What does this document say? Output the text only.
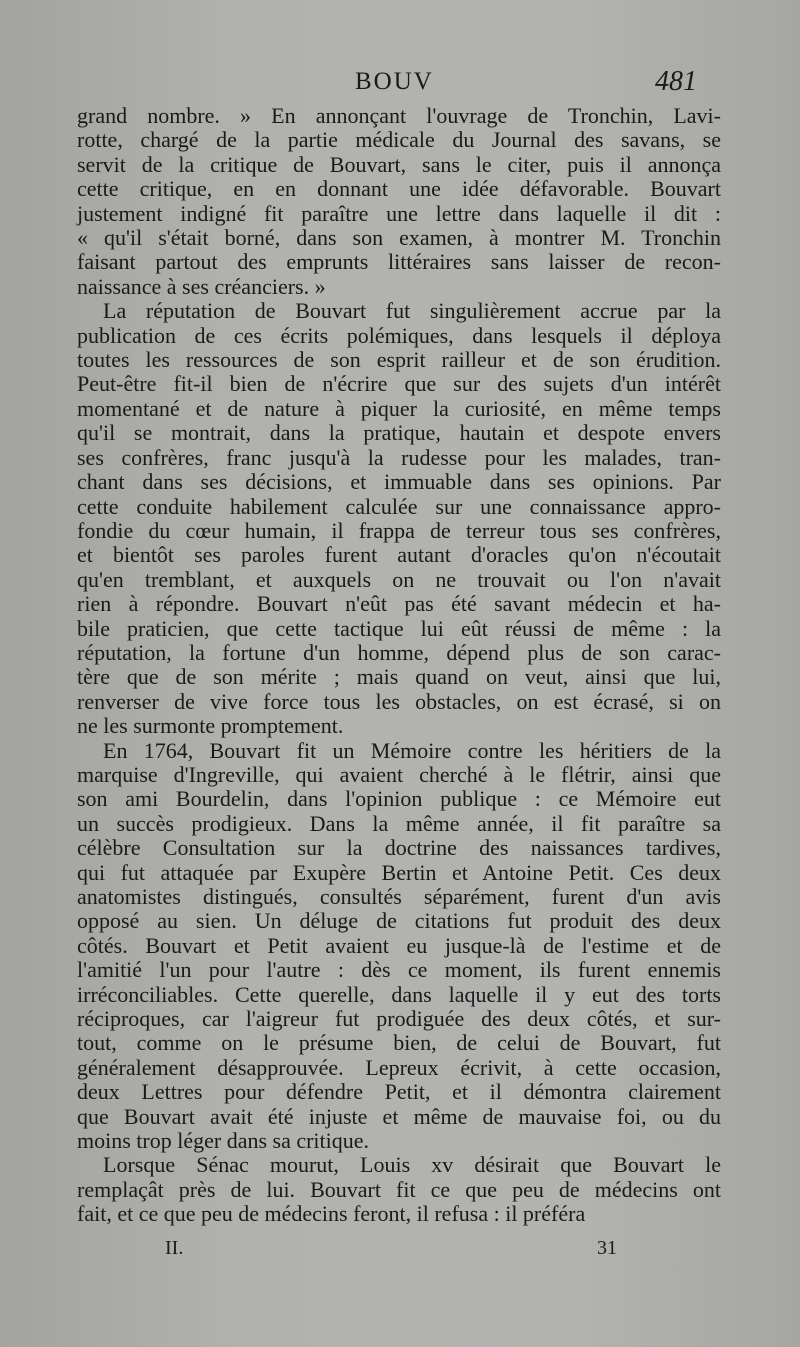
BOUV	481
grand nombre. » En annonçant l'ouvrage de Tronchin, Lavi-
rotte, chargé de la partie médicale du Journal des savans, se
servit de la critique de Bouvart, sans le citer, puis il annonça
cette critique, en en donnant une idée défavorable. Bouvart
justement indigné fit paraître une lettre dans laquelle il dit :
« qu'il s'était borné, dans son examen, à montrer M. Tronchin
faisant partout des emprunts littéraires sans laisser de recon-
naissance à ses créanciers. »
La réputation de Bouvart fut singulièrement accrue par la
publication de ces écrits polémiques, dans lesquels il déploya
toutes les ressources de son esprit railleur et de son érudition.
Peut-être fit-il bien de n'écrire que sur des sujets d'un intérêt
momentané et de nature à piquer la curiosité, en même temps
qu'il se montrait, dans la pratique, hautain et despote envers
ses confrères, franc jusqu'à la rudesse pour les malades, tran-
chant dans ses décisions, et immuable dans ses opinions. Par
cette conduite habilement calculée sur une connaissance appro-
fondie du cœur humain, il frappa de terreur tous ses confrères,
et bientôt ses paroles furent autant d'oracles qu'on n'écoutait
qu'en tremblant, et auxquels on ne trouvait ou l'on n'avait
rien à répondre. Bouvart n'eût pas été savant médecin et ha-
bile praticien, que cette tactique lui eût réussi de même : la
réputation, la fortune d'un homme, dépend plus de son carac-
tère que de son mérite ; mais quand on veut, ainsi que lui,
renverser de vive force tous les obstacles, on est écrasé, si on
ne les surmonte promptement.
En 1764, Bouvart fit un Mémoire contre les héritiers de la
marquise d'Ingreville, qui avaient cherché à le flétrir, ainsi que
son ami Bourdelin, dans l'opinion publique : ce Mémoire eut
un succès prodigieux. Dans la même année, il fit paraître sa
célèbre Consultation sur la doctrine des naissances tardives,
qui fut attaquée par Exupère Bertin et Antoine Petit. Ces deux
anatomistes distingués, consultés séparément, furent d'un avis
opposé au sien. Un déluge de citations fut produit des deux
côtés. Bouvart et Petit avaient eu jusque-là de l'estime et de
l'amitié l'un pour l'autre : dès ce moment, ils furent ennemis
irréconciliables. Cette querelle, dans laquelle il y eut des torts
réciproques, car l'aigreur fut prodiguée des deux côtés, et sur-
tout, comme on le présume bien, de celui de Bouvart, fut
généralement désapprouvée. Lepreux écrivit, à cette occasion,
deux Lettres pour défendre Petit, et il démontra clairement
que Bouvart avait été injuste et même de mauvaise foi, ou du
moins trop léger dans sa critique.
Lorsque Sénac mourut, Louis xv désirait que Bouvart le
remplaçât près de lui. Bouvart fit ce que peu de médecins ont
fait, et ce que peu de médecins feront, il refusa : il préféra
II.	31
